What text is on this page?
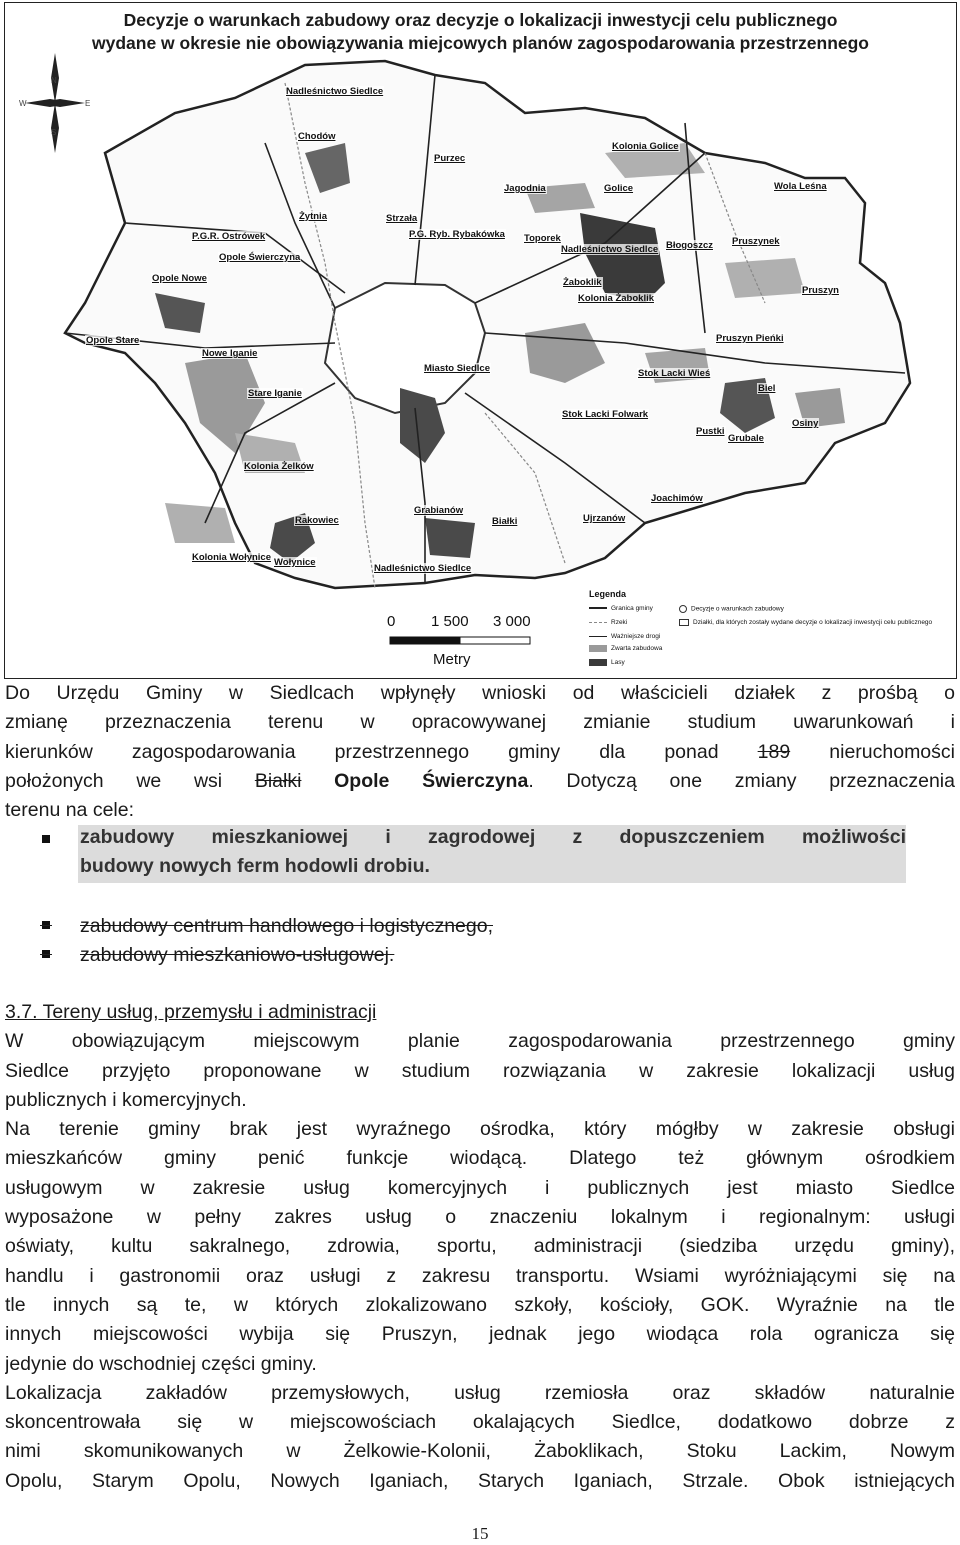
N
W	E
S
Decyzje o warunkach zabudowy oraz decyzje o lokalizacji inwestycji celu publicznego
wydane w okresie nie obowiązywania miejcowych planów zagospodarowania przestrzennego
Nadleśnictwo Siedlce
Chodów
Purzec
Kolonia Golice
Jagodnia	Golice	Wola Leśna
Żytnia	Strzała
P.G.R. Ostrówek	P.G. Ryb. Rybakówka Toporek
Nadleśnictwo Siedlce Błogoszcz Pruszynek
Opole Świerczyna
Opole Nowe	Żaboklik
Kolonia Żaboklik
Pruszyn
Opole Stare
Nowe Iganie
Pruszyn Pieńki
Miasto Siedlce	Stok Lacki Wieś
Stare Iganie	Biel
Stok Lacki Folwark
Osiny
Pustki
Grubale
Kolonia Żelków
Joachimów
Grabianów
Rakowiec	Białki	Ujrzanów
Kolonia Wołynice Wołynice
Nadleśnictwo Siedlce
0 1 500 3 000
Metry
Legenda
Granica gminy
Rzeki
Ważniejsze drogi
Zwarta zabudowa
Lasy
Decyzje o warunkach zabudowy
Działki, dla których zostały wydane decyzje o lokalizacji inwestycji celu publicznego
Do Urzędu Gminy w Siedlcach wpłynęły wnioski od właścicieli działek z prośbą o
zmianę przeznaczenia terenu w opracowywanej zmianie studium uwarunkowań i
kierunków zagospodarowania przestrzennego gminy dla ponad 189 nieruchomości
położonych we wsi Białki Opole Świerczyna. Dotyczą one zmiany przeznaczenia
terenu na cele:
zabudowy mieszkaniowej i zagrodowej z dopuszczeniem możliwości
budowy nowych ferm hodowli drobiu.
zabudowy centrum handlowego i logistycznego,
zabudowy mieszkaniowo-usługowej.
3.7. Tereny usług, przemysłu i administracji
W obowiązującym miejscowym planie zagospodarowania przestrzennego gminy
Siedlce przyjęto proponowane w studium rozwiązania w zakresie lokalizacji usług
publicznych i komercyjnych.
Na terenie gminy brak jest wyraźnego ośrodka, który mógłby w zakresie obsługi
mieszkańców gminy penić funkcje wiodącą. Dlatego też głównym ośrodkiem
usługowym w zakresie usług komercyjnych i publicznych jest miasto Siedlce
wyposażone w pełny zakres usług o znaczeniu lokalnym i regionalnym: usługi
oświaty, kultu sakralnego, zdrowia, sportu, administracji (siedziba urzędu gminy),
handlu i gastronomii oraz usługi z zakresu transportu. Wsiami wyróżniającymi się na
tle innych są te, w których zlokalizowano szkoły, kościoły, GOK. Wyraźnie na tle
innych miejscowości wybija się Pruszyn, jednak jego wiodąca rola ogranicza się
jedynie do wschodniej części gminy.
Lokalizacja zakładów przemysłowych, usług rzemiosła oraz składów naturalnie
skoncentrowała się w miejscowościach okalających Siedlce, dodatkowo dobrze z
nimi skomunikowanych w Żelkowie-Kolonii, Żaboklikach, Stoku Lackim, Nowym
Opolu, Starym Opolu, Nowych Iganiach, Starych Iganiach, Strzale. Obok istniejących
15
